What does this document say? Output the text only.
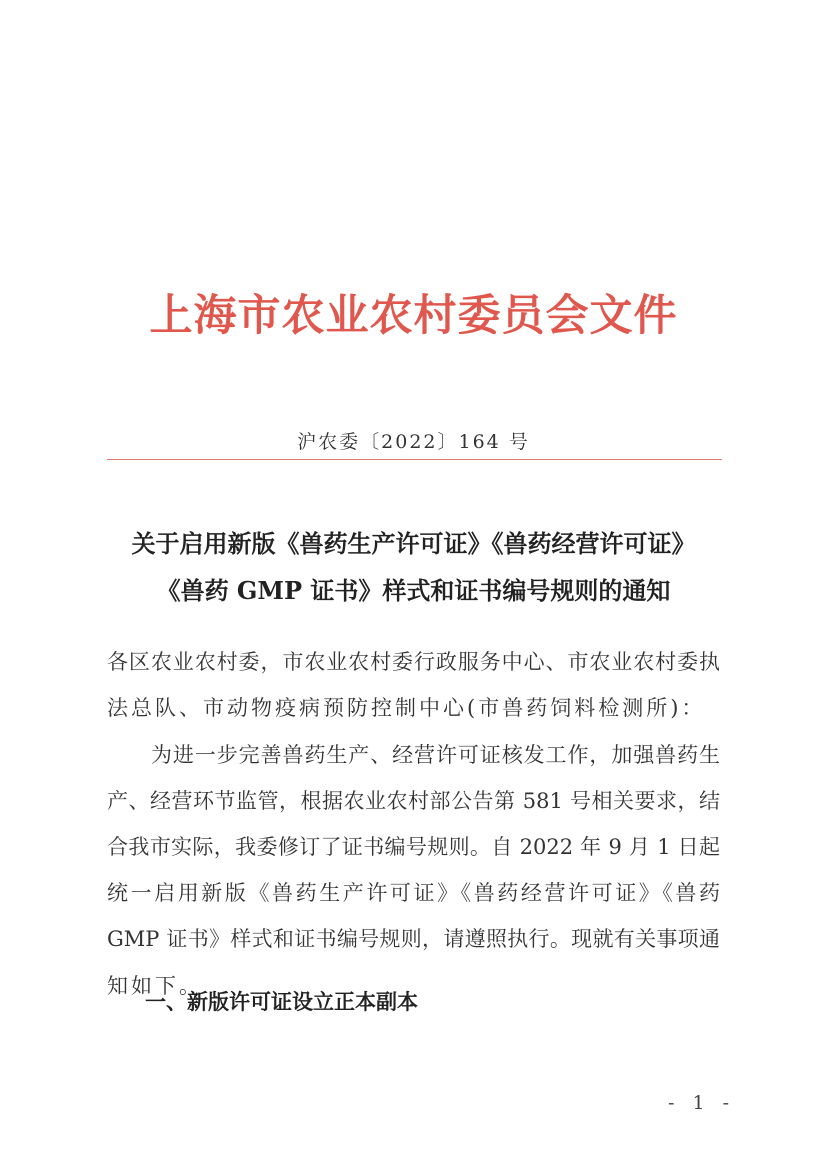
上海市农业农村委员会文件
沪农委〔2022〕164 号
关于启用新版《兽药生产许可证》《兽药经营许可证》
《兽药 GMP 证书》样式和证书编号规则的通知
各区农业农村委，市农业农村委行政服务中心、市农业农村委执
法总队、市动物疫病预防控制中心(市兽药饲料检测所)：
为进一步完善兽药生产、经营许可证核发工作，加强兽药生
产、经营环节监管，根据农业农村部公告第 581 号相关要求，结
合我市实际，我委修订了证书编号规则。自 2022 年 9 月 1 日起
统一启用新版《兽药生产许可证》《兽药经营许可证》《兽药
GMP 证书》样式和证书编号规则，请遵照执行。现就有关事项通
知如下。
一、新版许可证设立正本副本
- 1 -
